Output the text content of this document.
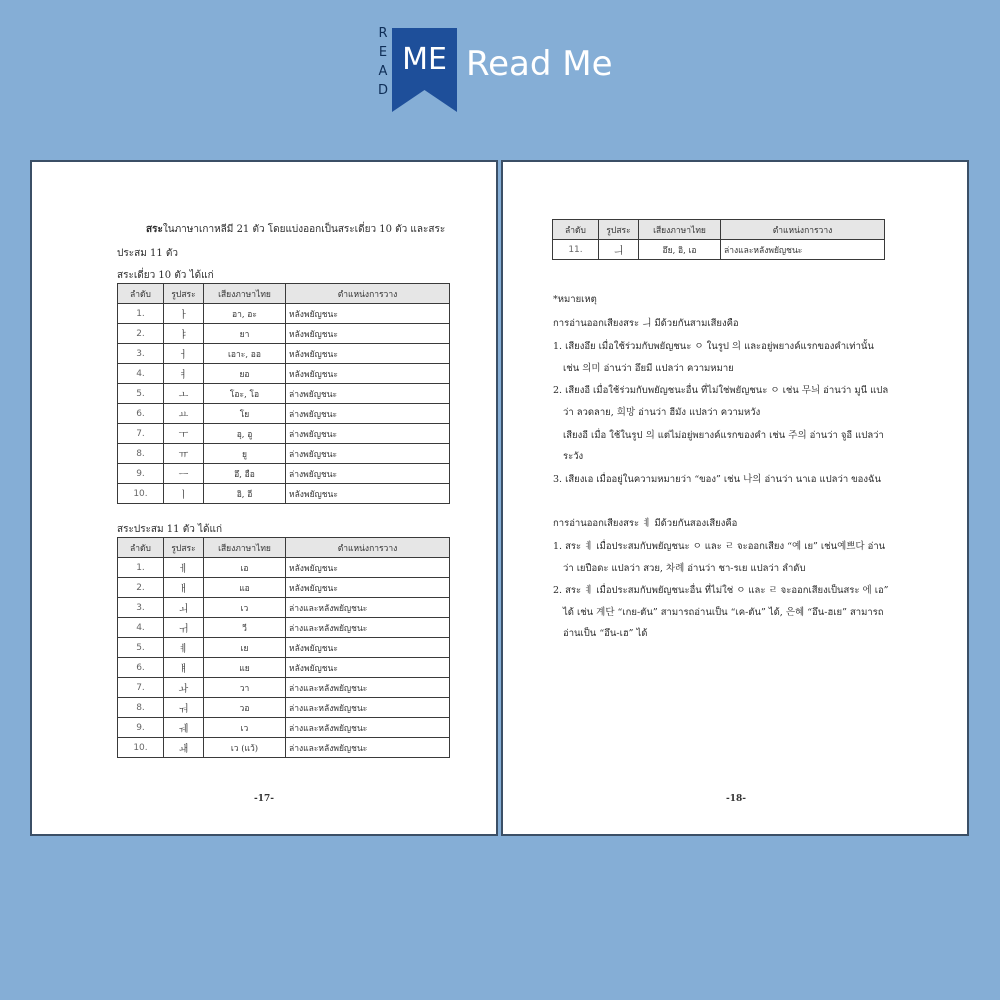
R
E
A
D
ME Read Me
สระในภาษาเกาหลีมี 21 ตัว โดยแบ่งออกเป็นสระเดี่ยว 10 ตัว และสระ
ประสม 11 ตัว
สระเดี่ยว 10 ตัว ได้แก่
ลำดับ	รูปสระ	เสียงภาษาไทย	ตำแหน่งการวาง
1.	ㅏ	อา, อะ	หลังพยัญชนะ
2.	ㅑ	ยา	หลังพยัญชนะ
3.	ㅓ	เอาะ, ออ	หลังพยัญชนะ
4.	ㅕ	ยอ	หลังพยัญชนะ
5.	ㅗ	โอะ, โอ	ล่างพยัญชนะ
6.	ㅛ	โย	ล่างพยัญชนะ
7.	ㅜ	อุ, อู	ล่างพยัญชนะ
8.	ㅠ	ยู	ล่างพยัญชนะ
9.	ㅡ	อึ, อือ	ล่างพยัญชนะ
10.	ㅣ	อิ, อี	หลังพยัญชนะ
สระประสม 11 ตัว ได้แก่
ลำดับ	รูปสระ	เสียงภาษาไทย	ตำแหน่งการวาง
1.	ㅔ	เอ	หลังพยัญชนะ
2.	ㅐ	แอ	หลังพยัญชนะ
3.	ㅚ	เว	ล่างและหลังพยัญชนะ
4.	ㅟ	วี	ล่างและหลังพยัญชนะ
5.	ㅖ	เย	หลังพยัญชนะ
6.	ㅒ	แย	หลังพยัญชนะ
7.	ㅘ	วา	ล่างและหลังพยัญชนะ
8.	ㅝ	วอ	ล่างและหลังพยัญชนะ
9.	ㅞ	เว	ล่างและหลังพยัญชนะ
10.	ㅙ	เว (แว้)	ล่างและหลังพยัญชนะ
-17-
ลำดับ	รูปสระ	เสียงภาษาไทย	ตำแหน่งการวาง
11.	ㅢ	อึย, อิ, เอ	ล่างและหลังพยัญชนะ
*หมายเหตุ
การอ่านออกเสียงสระ ㅢ มีด้วยกันสามเสียงคือ
1. เสียงอึย เมื่อใช้ร่วมกับพยัญชนะ ㅇ ในรูป 의 และอยู่พยางค์แรกของคำเท่านั้น
เช่น 의미 อ่านว่า อึยมี แปลว่า ความหมาย
2. เสียงอี เมื่อใช้ร่วมกับพยัญชนะอื่น ที่ไม่ใช่พยัญชนะ ㅇ เช่น 무늬 อ่านว่า มูนี แปล
ว่า ลวดลาย, 희망 อ่านว่า ฮีมัง แปลว่า ความหวัง
เสียงอี เมื่อ ใช้ในรูป 의 แต่ไม่อยู่พยางค์แรกของคำ เช่น 주의 อ่านว่า จูอี แปลว่า
ระวัง
3. เสียงเอ เมื่ออยู่ในความหมายว่า “ของ” เช่น 나의 อ่านว่า นาเอ แปลว่า ของฉัน
การอ่านออกเสียงสระ ㅖ มีด้วยกันสองเสียงคือ
1. สระ ㅖ เมื่อประสมกับพยัญชนะ ㅇ และ ㄹ จะออกเสียง “예 เย” เช่น예쁘다 อ่าน
ว่า เยปือดะ แปลว่า สวย, 차례 อ่านว่า ชา-รเย แปลว่า ลำดับ
2. สระ ㅖ เมื่อประสมกับพยัญชนะอื่น ที่ไม่ใช่ ㅇ และ ㄹ จะออกเสียงเป็นสระ 에 เอ”
ได้ เช่น 계단 “เกย-ตัน” สามารถอ่านเป็น “เค-ตัน” ได้, 은혜 “อึน-ฮเย” สามารถ
อ่านเป็น “อึน-เฮ” ได้
-18-
